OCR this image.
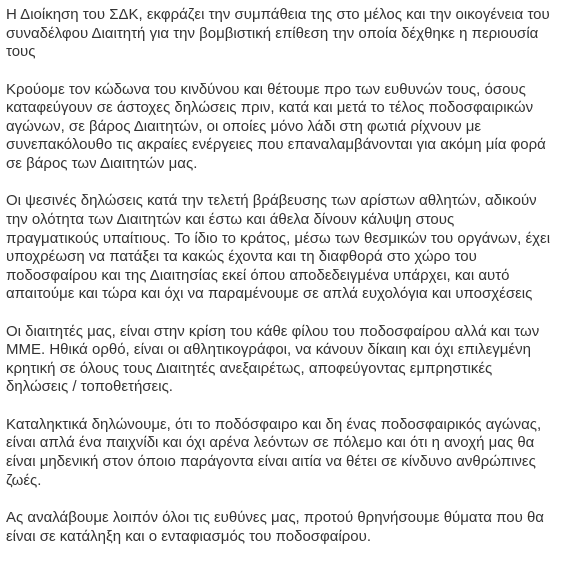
Η Διοίκηση του ΣΔΚ, εκφράζει την συμπάθεια της στο μέλος και την οικογένεια του
συναδέλφου Διαιτητή για την βομβιστική επίθεση την οποία δέχθηκε η περιουσία
τους

Κρούομε τον κώδωνα του κινδύνου και θέτουμε προ των ευθυνών τους, όσους
καταφεύγουν σε άστοχες δηλώσεις πριν, κατά και μετά το τέλος ποδοσφαιρικών
αγώνων, σε βάρος Διαιτητών, οι οποίες μόνο λάδι στη φωτιά ρίχνουν με
συνεπακόλουθο τις ακραίες ενέργειες που επαναλαμβάνονται για ακόμη μία φορά
σε βάρος των Διαιτητών μας.

Οι ψεσινές δηλώσεις κατά την τελετή βράβευσης των αρίστων αθλητών, αδικούν
την ολότητα των Διαιτητών και έστω και άθελα δίνουν κάλυψη στους
πραγματικούς υπαίτιους. Το ίδιο το κράτος, μέσω των θεσμικών του οργάνων, έχει
υποχρέωση να πατάξει τα κακώς έχοντα και τη διαφθορά στο χώρο του
ποδοσφαίρου και της Διαιτησίας εκεί όπου αποδεδειγμένα υπάρχει, και αυτό
απαιτούμε και τώρα και όχι να παραμένουμε σε απλά ευχολόγια και υποσχέσεις

Οι διαιτητές μας, είναι στην κρίση του κάθε φίλου του ποδοσφαίρου αλλά και των
ΜΜΕ. Ηθικά ορθό, είναι οι αθλητικογράφοι, να κάνουν δίκαιη και όχι επιλεγμένη
κρητική σε όλους τους Διαιτητές ανεξαιρέτως, αποφεύγοντας εμπρηστικές
δηλώσεις / τοποθετήσεις.

Καταληκτικά δηλώνουμε, ότι το ποδόσφαιρο και δη ένας ποδοσφαιρικός αγώνας,
είναι απλά ένα παιχνίδι και όχι αρένα λεόντων σε πόλεμο και ότι η ανοχή μας θα
είναι μηδενική στον όποιο παράγοντα είναι αιτία να θέτει σε κίνδυνο ανθρώπινες
ζωές.

Ας αναλάβουμε λοιπόν όλοι τις ευθύνες μας, προτού θρηνήσουμε θύματα που θα
είναι σε κατάληξη και ο ενταφιασμός του ποδοσφαίρου.
